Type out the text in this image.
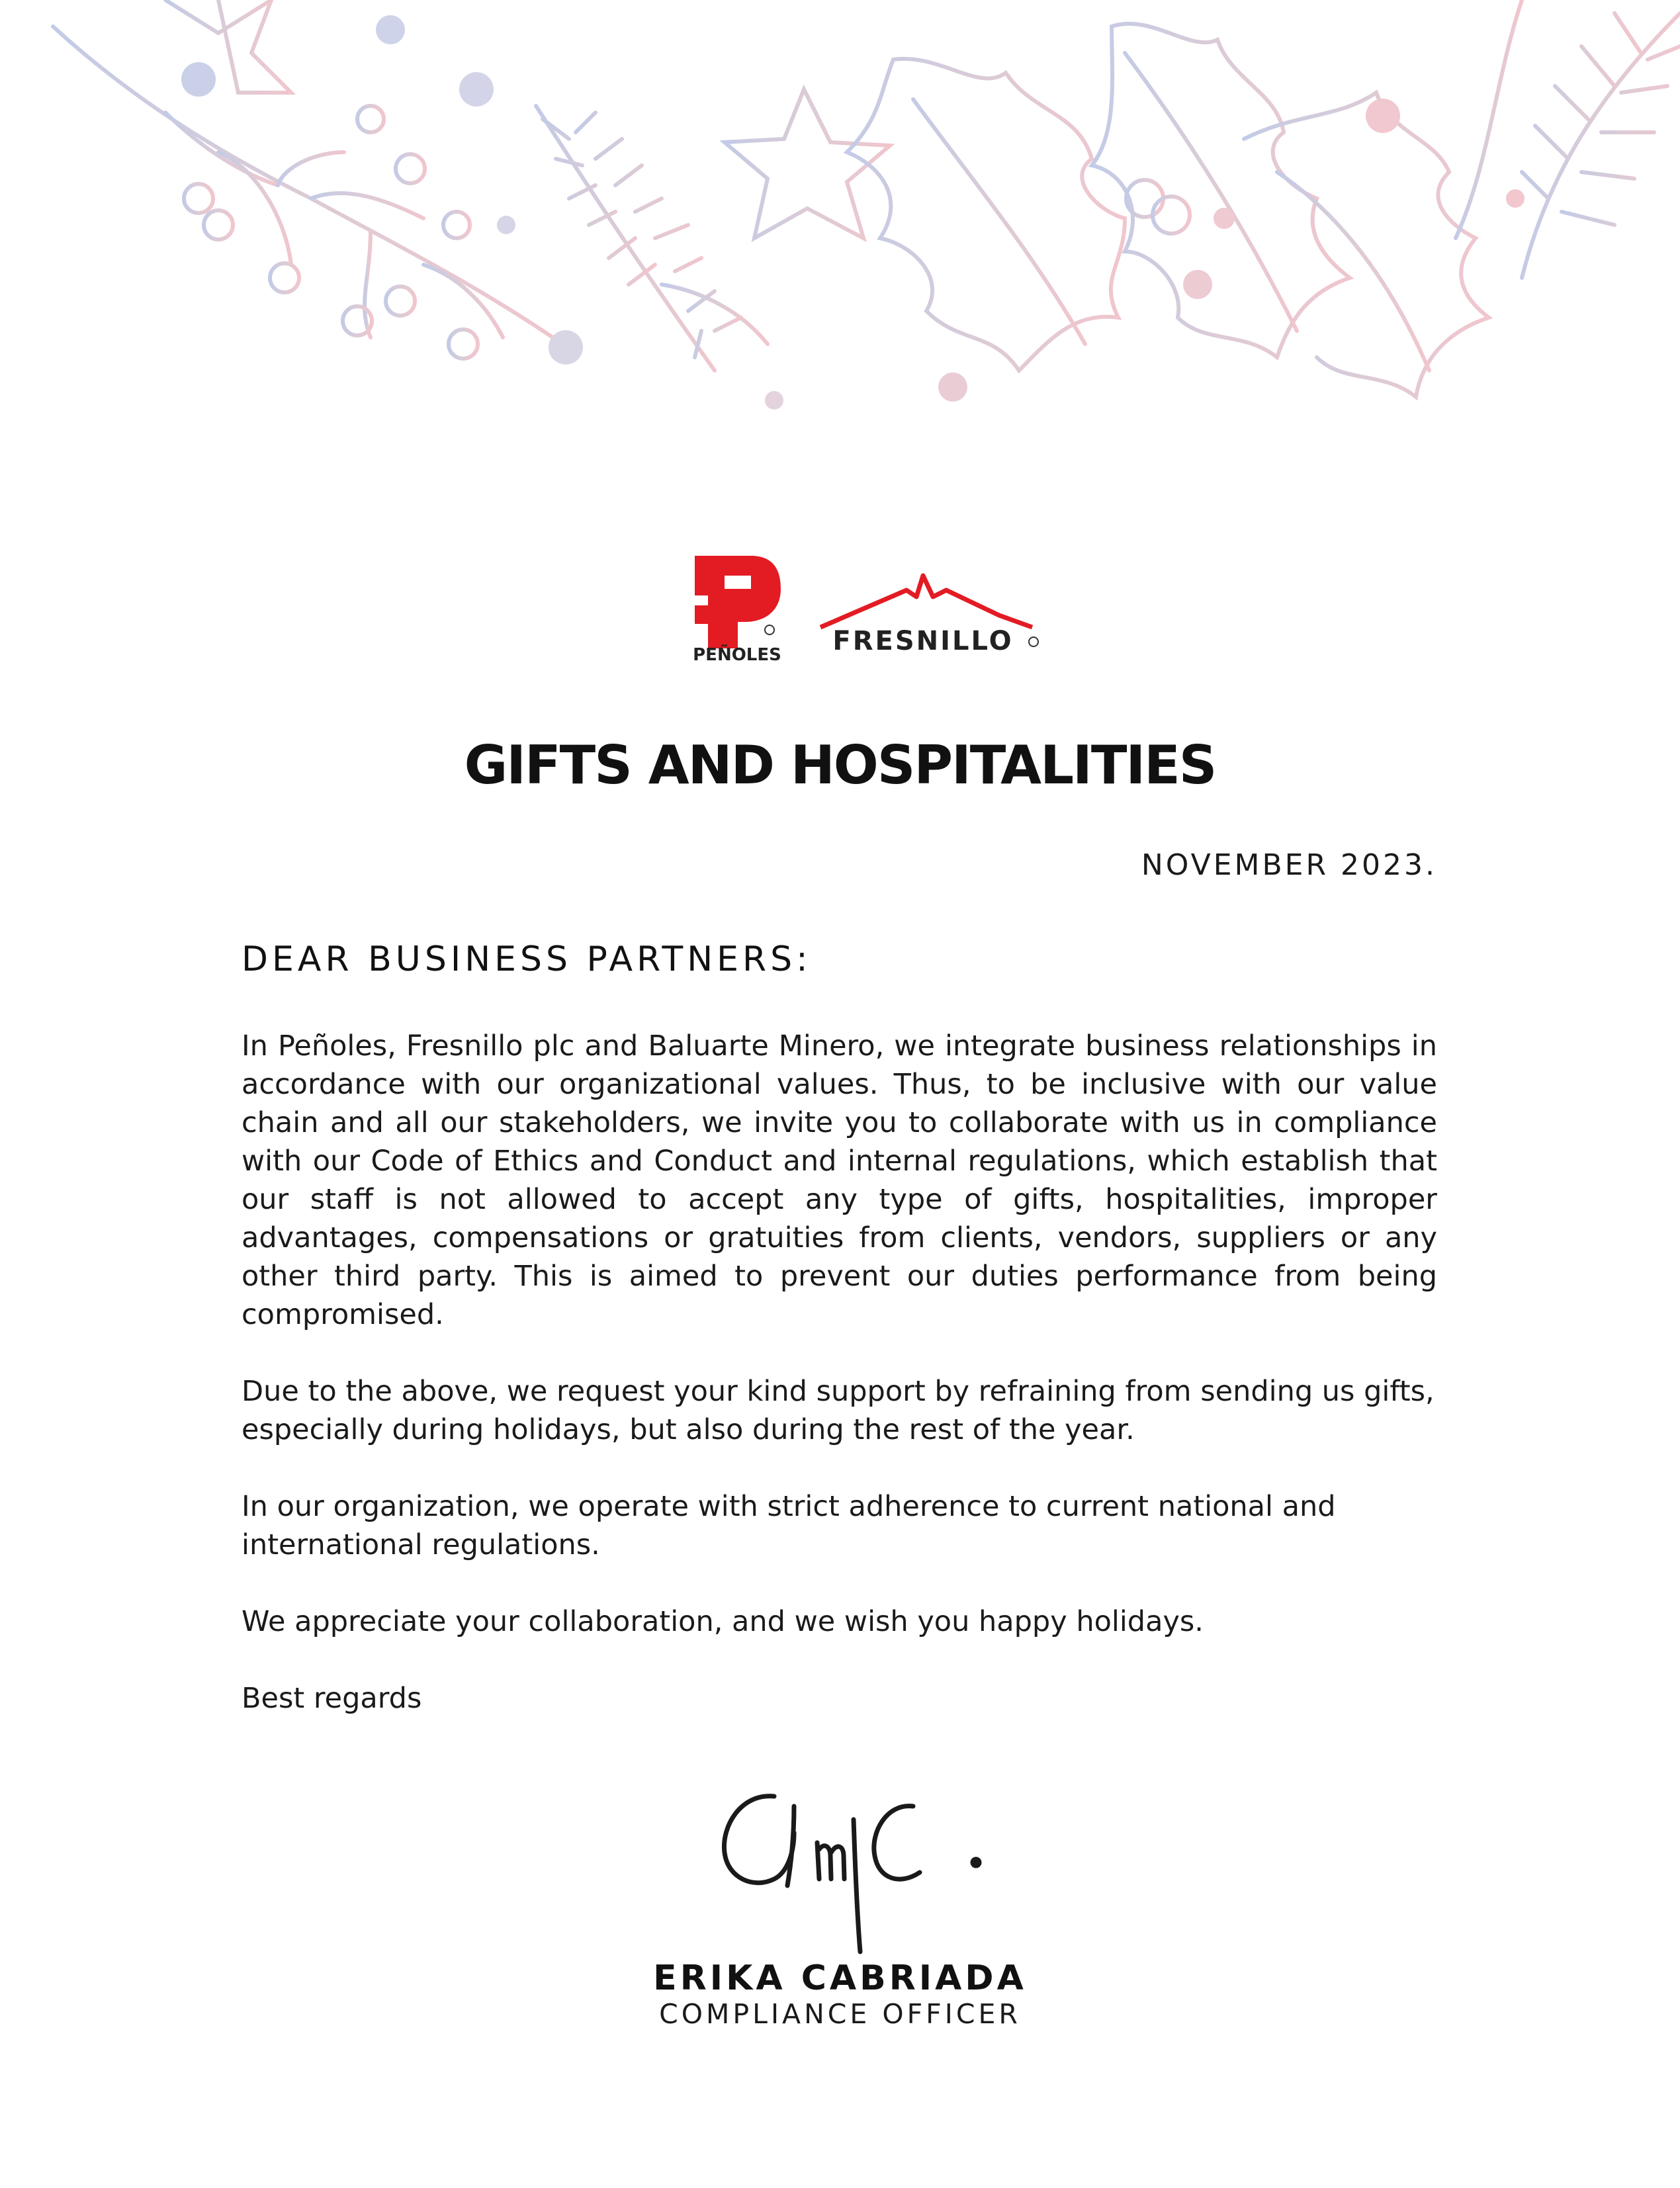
PEÑOLES FRESNILLO
GIFTS AND HOSPITALITIES
NOVEMBER 2023.
DEAR BUSINESS PARTNERS:

In Peñoles, Fresnillo plc and Baluarte Minero, we integrate business relationships in accordance with our organizational values. Thus, to be inclusive with our value chain and all our stakeholders, we invite you to collaborate with us in compliance with our Code of Ethics and Conduct and internal regulations, which establish that our staff is not allowed to accept any type of gifts, hospitalities, improper advantages, compensations or gratuities from clients, vendors, suppliers or any other third party. This is aimed to prevent our duties performance from being compromised.

Due to the above, we request your kind support by refraining from sending us gifts, especially during holidays, but also during the rest of the year.

In our organization, we operate with strict adherence to current national and international regulations.

We appreciate your collaboration, and we wish you happy holidays.

Best regards

ERIKA CABRIADA
COMPLIANCE OFFICER
